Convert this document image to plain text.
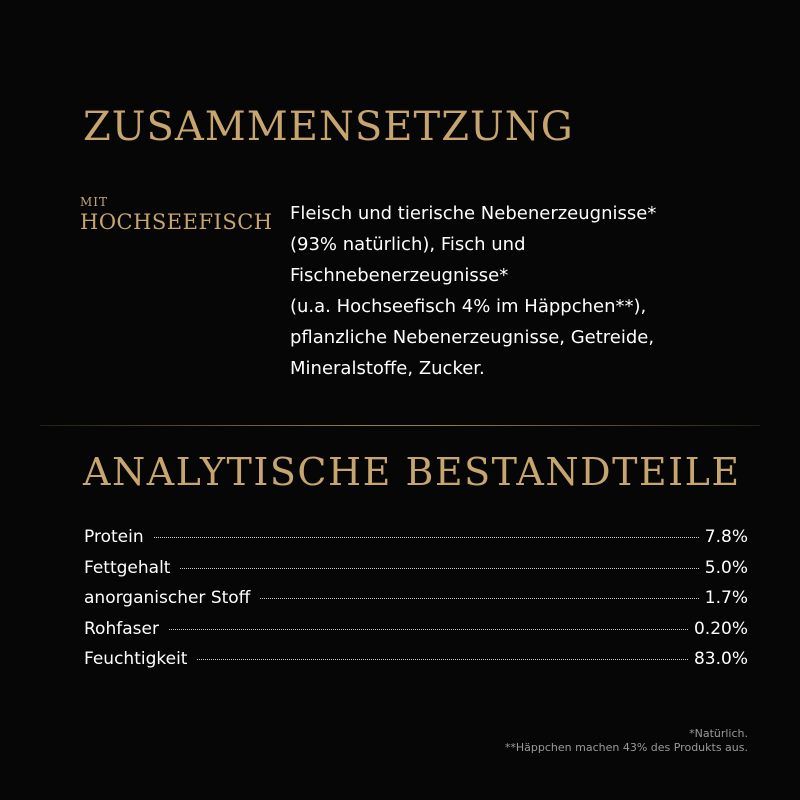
ZUSAMMENSETZUNG
MIT
HOCHSEEFISCH Fleisch und tierische Nebenerzeugnisse*
(93% natürlich), Fisch und
Fischnebenerzeugnisse*
(u.a. Hochseefisch 4% im Häppchen**),
pflanzliche Nebenerzeugnisse, Getreide,
Mineralstoffe, Zucker.
ANALYTISCHE BESTANDTEILE
Protein	7.8%
Fettgehalt	5.0%
anorganischer Stoff	1.7%
Rohfaser	0.20%
Feuchtigkeit	83.0%
*Natürlich.
**Häppchen machen 43% des Produkts aus.
